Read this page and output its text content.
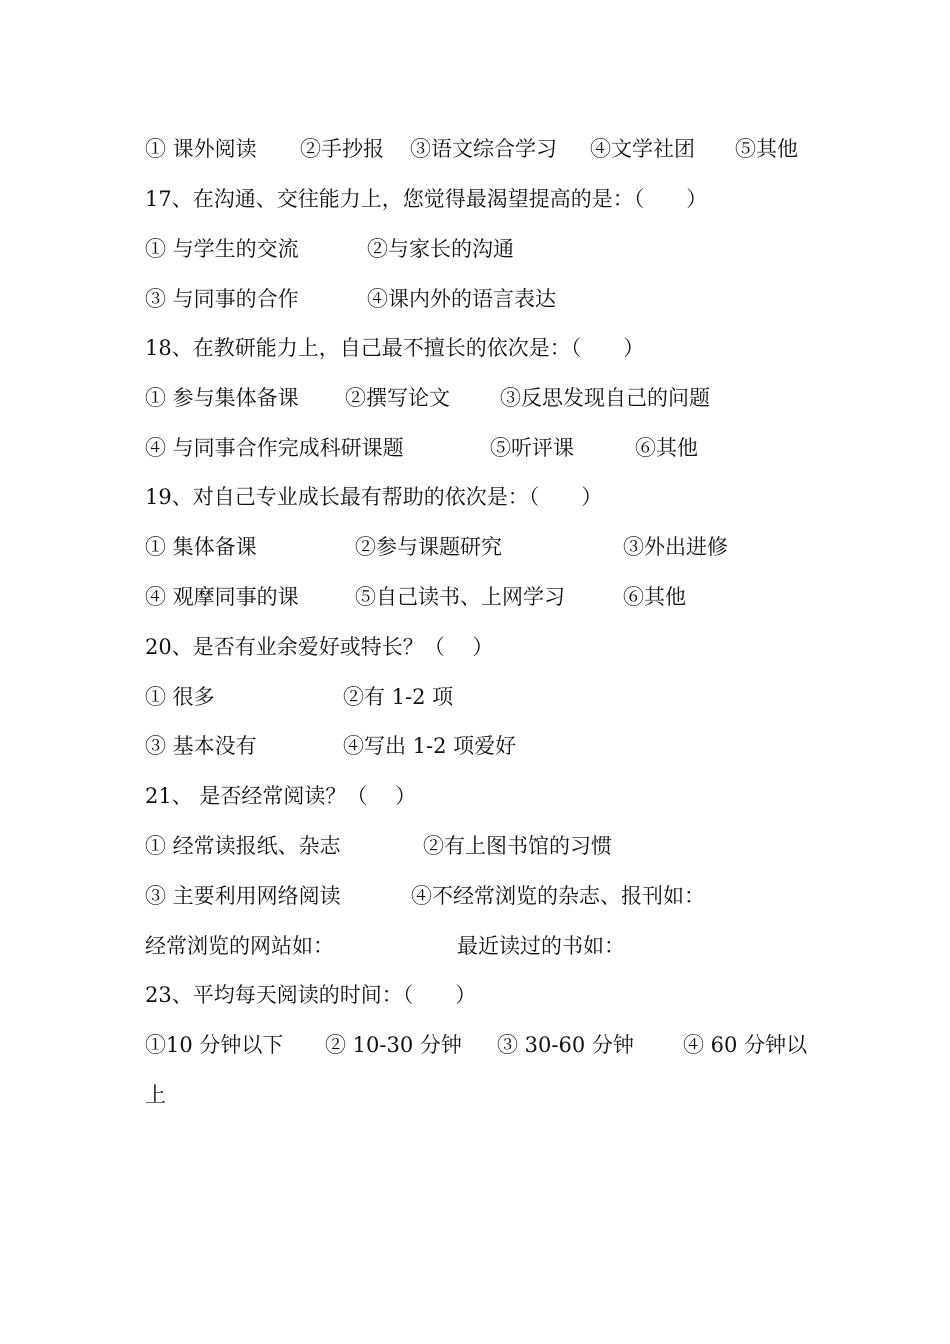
① 课外阅读

②手抄报

③语文综合学习

④文学社团

⑤其他

17、在沟通、交往能力上，您觉得最渴望提高的是：（　　）

① 与学生的交流

	②与家长的沟通

③ 与同事的合作

	④课内外的语言表达

18、在教研能力上，自己最不擅长的依次是：（　　）

① 参与集体备课

②撰写论文

③反思发现自己的问题

④ 与同事合作完成科研课题

	⑤听评课

	⑥其他

19、对自己专业成长最有帮助的依次是：（　　）

① 集体备课

	②参与课题研究

	③外出进修

④ 观摩同事的课

	⑤自己读书、上网学习

	⑥其他

20、是否有业余爱好或特长？（　 ）

① 很多

	②有 1-2 项

③ 基本没有

	④写出 1-2 项爱好

21、 是否经常阅读？（　 ）

① 经常读报纸、杂志

	②有上图书馆的习惯

③ 主要利用网络阅读

	④不经常浏览的杂志、报刊如：

经常浏览的网站如：

	最近读过的书如：

23、平均每天阅读的时间：（　　）

①10 分钟以下

② 10-30 分钟

③ 30-60 分钟

④ 60 分钟以

上
